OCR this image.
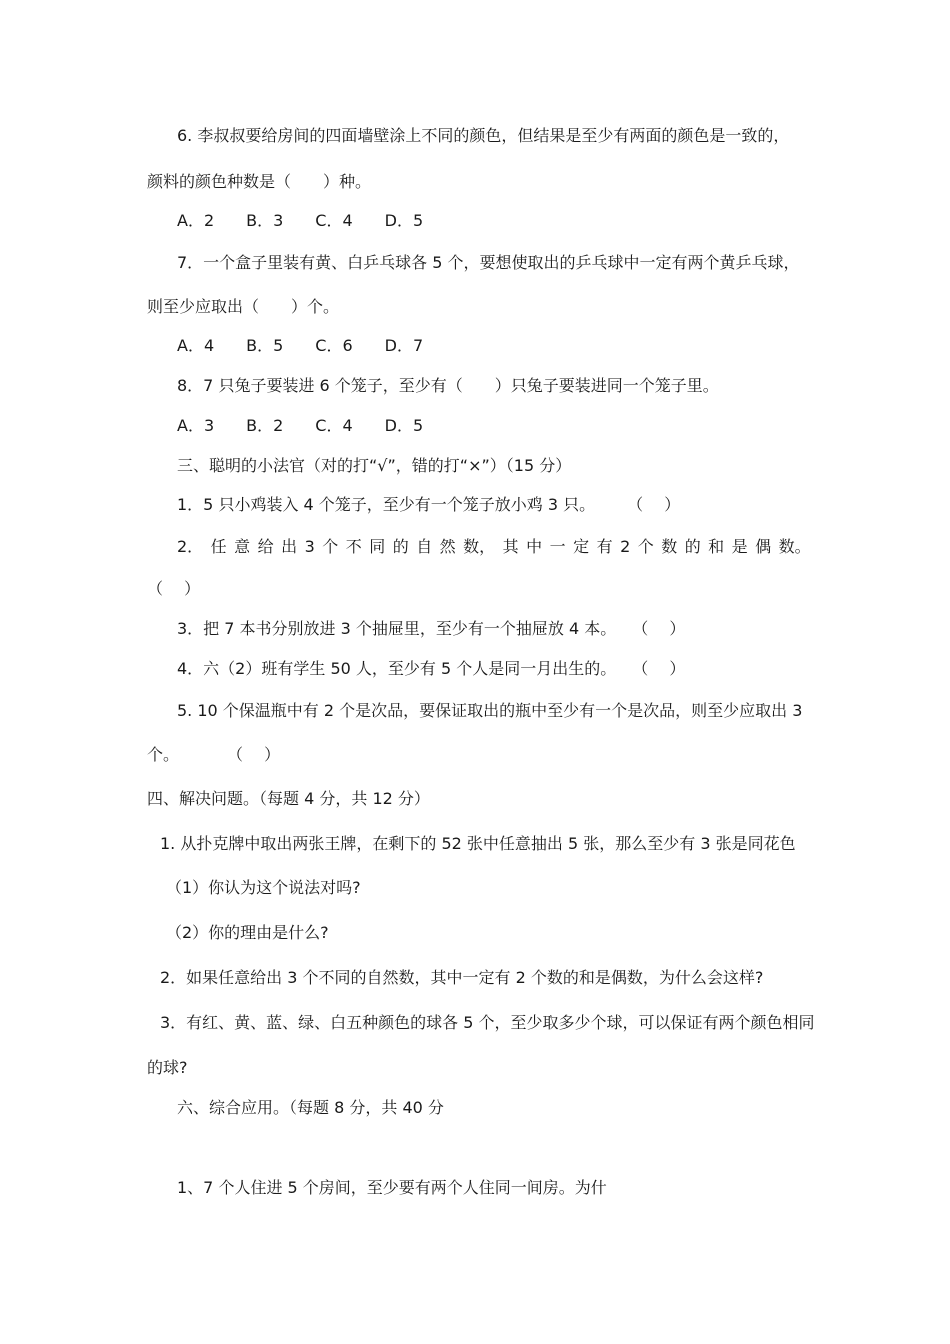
6. 李叔叔要给房间的四面墙壁涂上不同的颜色，但结果是至少有两面的颜色是一致的，
颜料的颜色种数是（　　）种。
A．2　　B．3　　C．4　　D．5
7．一个盒子里装有黄、白乒乓球各 5 个，要想使取出的乒乓球中一定有两个黄乒乓球，
则至少应取出（　　）个。
A．4　　B．5　　C．6　　D．7
8．7 只兔子要装进 6 个笼子，至少有（　　）只兔子要装进同一个笼子里。
A．3　　B．2　　C．4　　D．5
三、聪明的小法官（对的打“√”，错的打“×”）（15 分）
1．5 只小鸡装入 4 个笼子，至少有一个笼子放小鸡 3 只。　　　（　 ）
2． 任 意 给 出 3 个 不 同 的 自 然 数， 其 中 一 定 有 2 个 数 的 和 是 偶 数。
（　 ）
3．把 7 本书分别放进 3 个抽屉里，至少有一个抽屉放 4 本。　　（　 ）
4．六（2）班有学生 50 人，至少有 5 个人是同一月出生的。　　（　 ）
5. 10 个保温瓶中有 2 个是次品，要保证取出的瓶中至少有一个是次品，则至少应取出 3
个。　　　　（　 ）
四、解决问题。（每题 4 分，共 12 分）
1. 从扑克牌中取出两张王牌，在剩下的 52 张中任意抽出 5 张，那么至少有 3 张是同花色
（1）你认为这个说法对吗?
（2）你的理由是什么?
2．如果任意给出 3 个不同的自然数，其中一定有 2 个数的和是偶数，为什么会这样?
3．有红、黄、蓝、绿、白五种颜色的球各 5 个，至少取多少个球，可以保证有两个颜色相同
的球?
六、综合应用。（每题 8 分，共 40 分
1、7 个人住进 5 个房间，至少要有两个人住同一间房。为什
